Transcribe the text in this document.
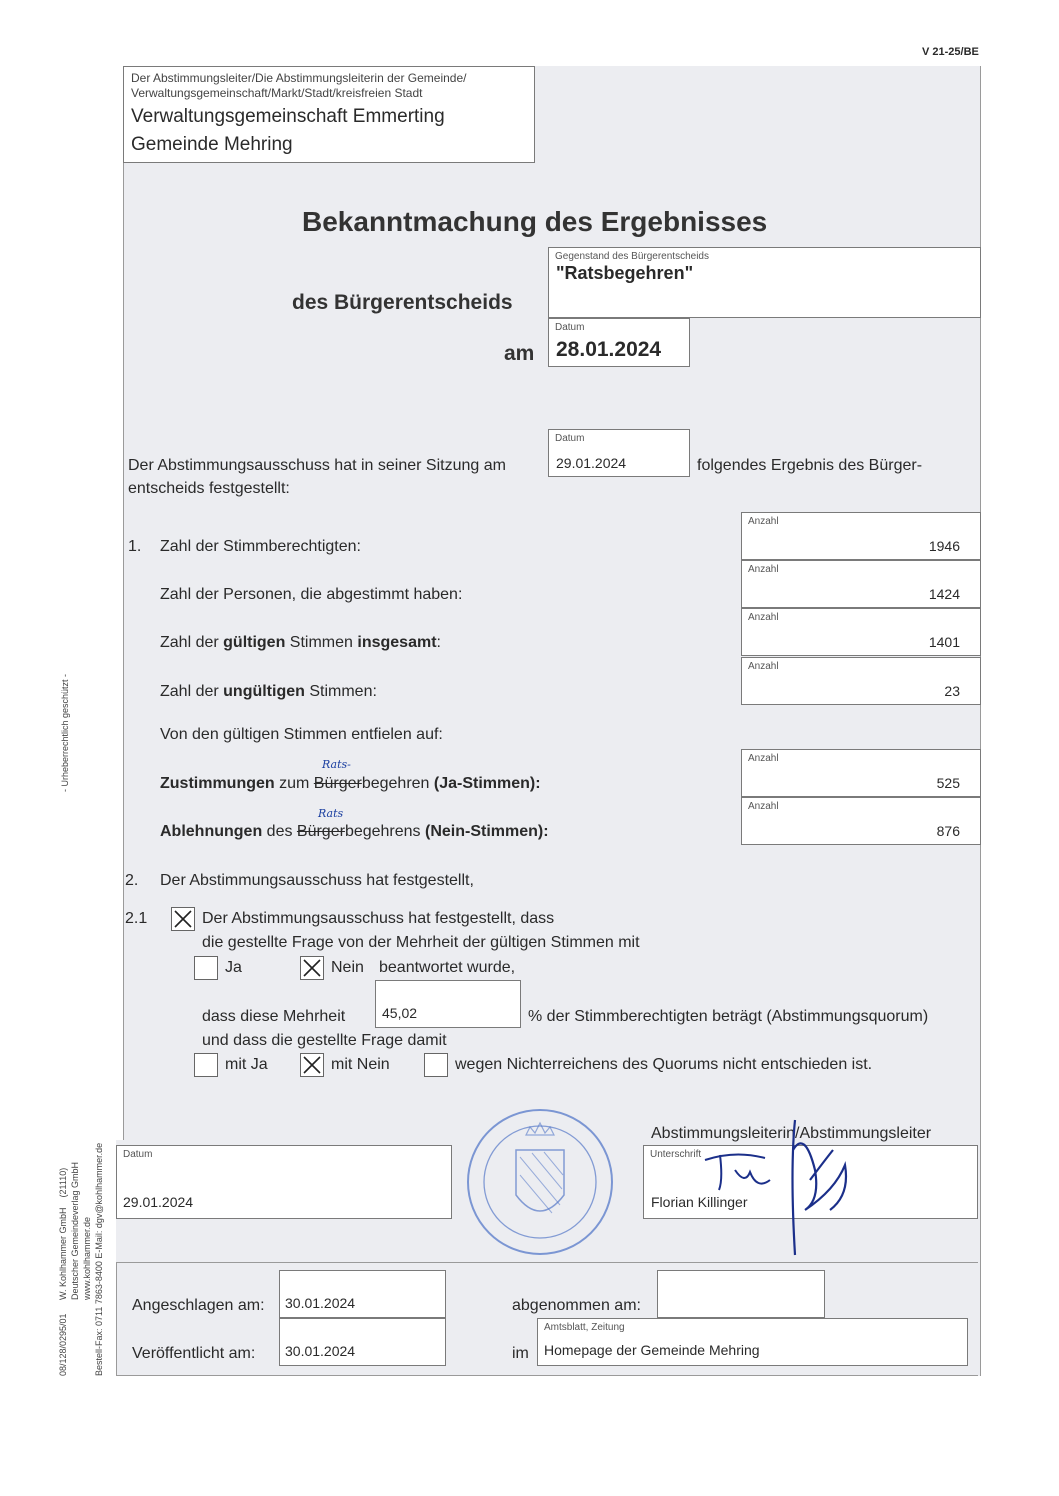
V 21-25/BE
Der Abstimmungsleiter/Die Abstimmungsleiterin der Gemeinde/
Verwaltungsgemeinschaft/Markt/Stadt/kreisfreien Stadt
Verwaltungsgemeinschaft Emmerting
Gemeinde Mehring
Bekanntmachung des Ergebnisses
des Bürgerentscheids
Gegenstand des Bürgerentscheids
"Ratsbegehren"
am
Datum
28.01.2024
Der Abstimmungsausschuss hat in seiner Sitzung am
Datum
29.01.2024	folgendes Ergebnis des Bürger-
entscheids festgestellt:
1. Zahl der Stimmberechtigten:
Anzahl
1946
Zahl der Personen, die abgestimmt haben:
Anzahl
1424
Zahl der gültigen Stimmen insgesamt:
Anzahl
1401
Zahl der ungültigen Stimmen:
Anzahl
23
Von den gültigen Stimmen entfielen auf:
Rats-
Zustimmungen zum Bürgerbegehren (Ja-Stimmen):
Anzahl
525
Rats
Ablehnungen des Bürgerbegehrens (Nein-Stimmen):
Anzahl
876
2. Der Abstimmungsausschuss hat festgestellt,
2.1	Der Abstimmungsausschuss hat festgestellt, dass
die gestellte Frage von der Mehrheit der gültigen Stimmen mit
Ja	Nein beantwortet wurde,
dass diese Mehrheit	45,02	% der Stimmberechtigten beträgt (Abstimmungsquorum)
und dass die gestellte Frage damit
mit Ja	mit Nein	wegen Nichterreichens des Quorums nicht entschieden ist.
Datum
29.01.2024
Abstimmungsleiterin/Abstimmungsleiter
Unterschrift
Florian Killinger
Angeschlagen am: 30.01.2024	abgenommen am:
Veröffentlicht am: 30.01.2024	im
Amtsblatt, Zeitung
Homepage der Gemeinde Mehring
- Urheberrechtlich geschützt -
08/128/0295/01
W. Kohlhammer GmbH    (21110) Deutscher Gemeindeverlag GmbH www.kohlhammer.de Bestell-Fax: 0711 7863-8400 E-Mail: dgv@kohlhammer.de
